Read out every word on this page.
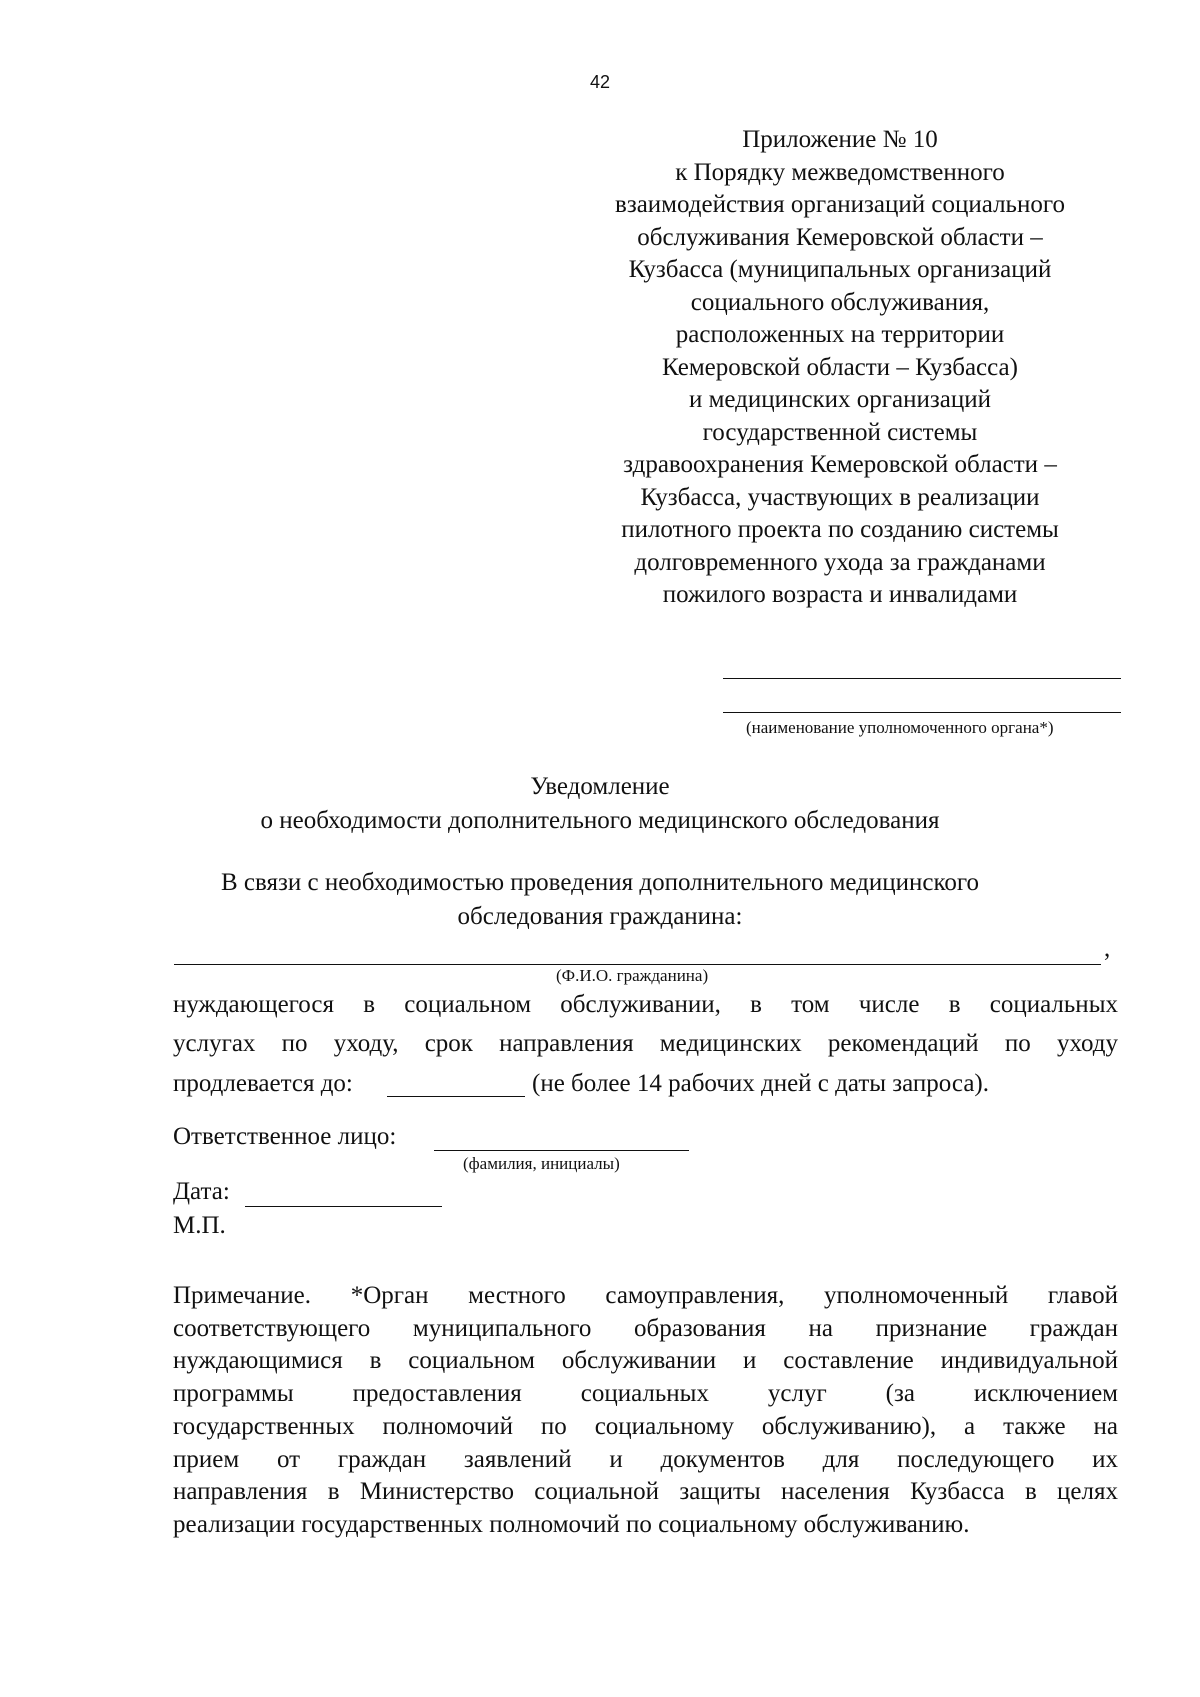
42
Приложение № 10
к Порядку межведомственного
взаимодействия организаций социального
обслуживания Кемеровской области –
Кузбасса (муниципальных организаций
социального обслуживания,
расположенных на территории
Кемеровской области – Кузбасса)
и медицинских организаций
государственной системы
здравоохранения Кемеровской области –
Кузбасса, участвующих в реализации
пилотного проекта по созданию системы
долговременного ухода за гражданами
пожилого возраста и инвалидами
(наименование уполномоченного органа*)
Уведомление
о необходимости дополнительного медицинского обследования
В связи с необходимостью проведения дополнительного медицинского
обследования гражданина:
,
(Ф.И.О. гражданина)
нуждающегося в социальном обслуживании, в том числе в социальных
услугах по уходу, срок направления медицинских рекомендаций по уходу
продлевается до:	(не более 14 рабочих дней с даты запроса).
Ответственное лицо:
(фамилия, инициалы)
Дата:
М.П.
Примечание. *Орган местного самоуправления, уполномоченный главой
соответствующего муниципального образования на признание граждан
нуждающимися в социальном обслуживании и составление индивидуальной
программы предоставления социальных услуг (за исключением
государственных полномочий по социальному обслуживанию), а также на
прием от граждан заявлений и документов для последующего их
направления в Министерство социальной защиты населения Кузбасса в целях
реализации государственных полномочий по социальному обслуживанию.
